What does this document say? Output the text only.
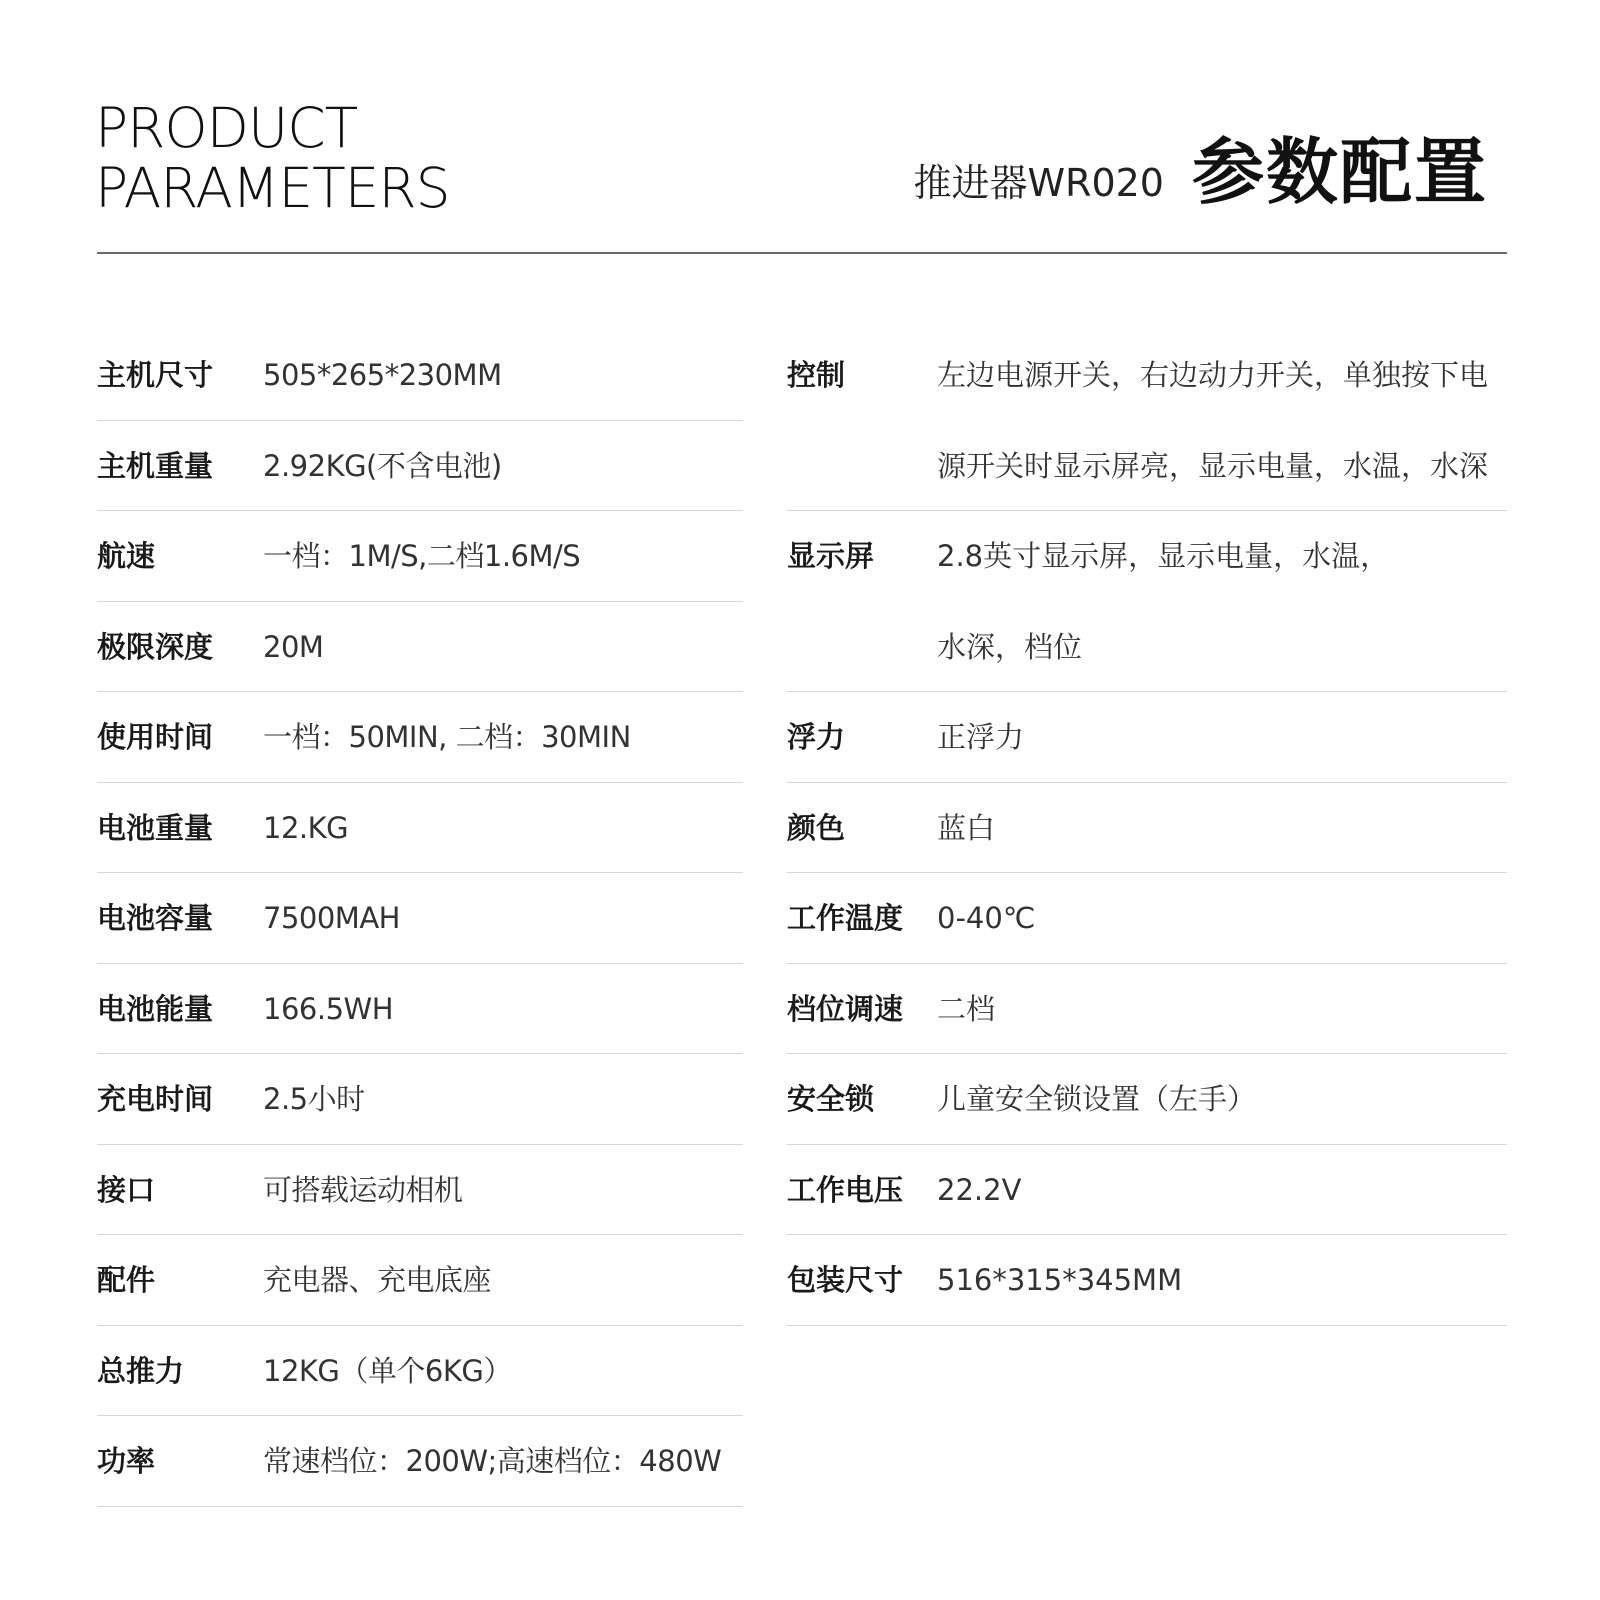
PRODUCT
PARAMETERS	推进器WR020 参数配置
主机尺寸	505*265*230MM
主机重量	2.92KG(不含电池)
航速	一档：1M/S,二档1.6M/S
极限深度	20M
使用时间	一档：50MIN, 二档：30MIN
电池重量	12.KG
电池容量	7500MAH
电池能量	166.5WH
充电时间	2.5小时
接口	可搭载运动相机
配件	充电器、充电底座
总推力	12KG（单个6KG）
功率	常速档位：200W;高速档位：480W
控制	左边电源开关，右边动力开关，单独按下电
源开关时显示屏亮，显示电量，水温，水深
显示屏	2.8英寸显示屏，显示电量，水温，
水深，档位
浮力	正浮力
颜色	蓝白
工作温度	0-40℃
档位调速	二档
安全锁	儿童安全锁设置（左手）
工作电压	22.2V
包装尺寸	516*315*345MM
